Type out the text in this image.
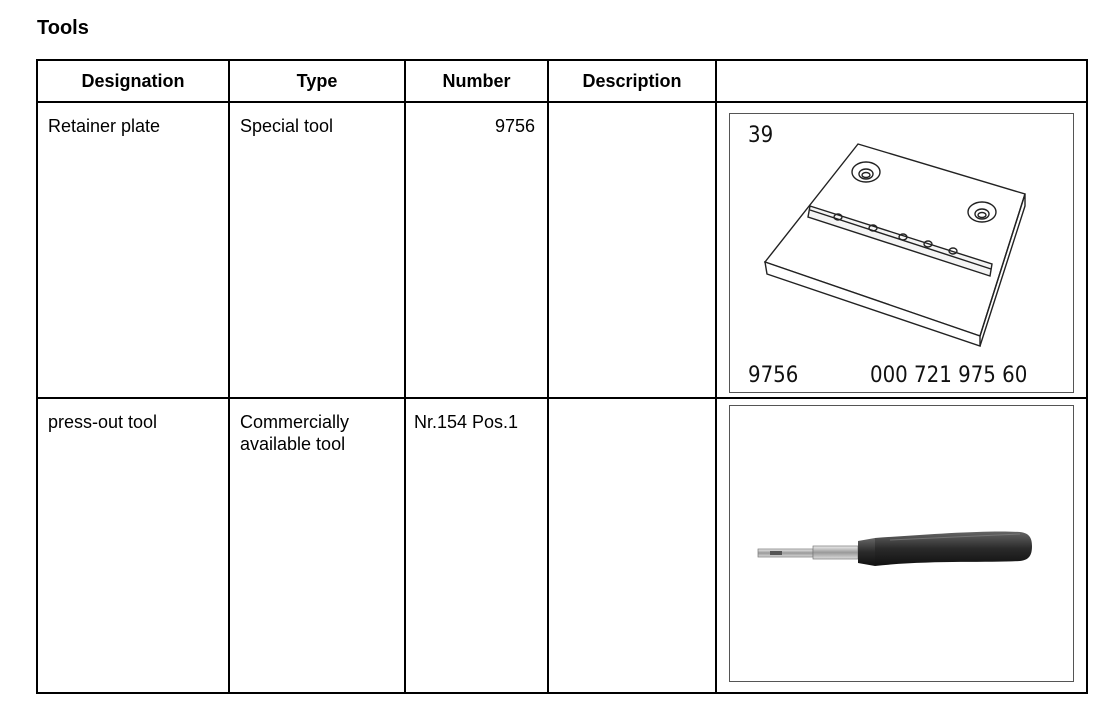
Tools
Designation	Type	Number	Description	

Retainer plate	Special tool	9756		39
9756 000 721 975 60

press-out tool	Commercially available tool	Nr.154 Pos.1
